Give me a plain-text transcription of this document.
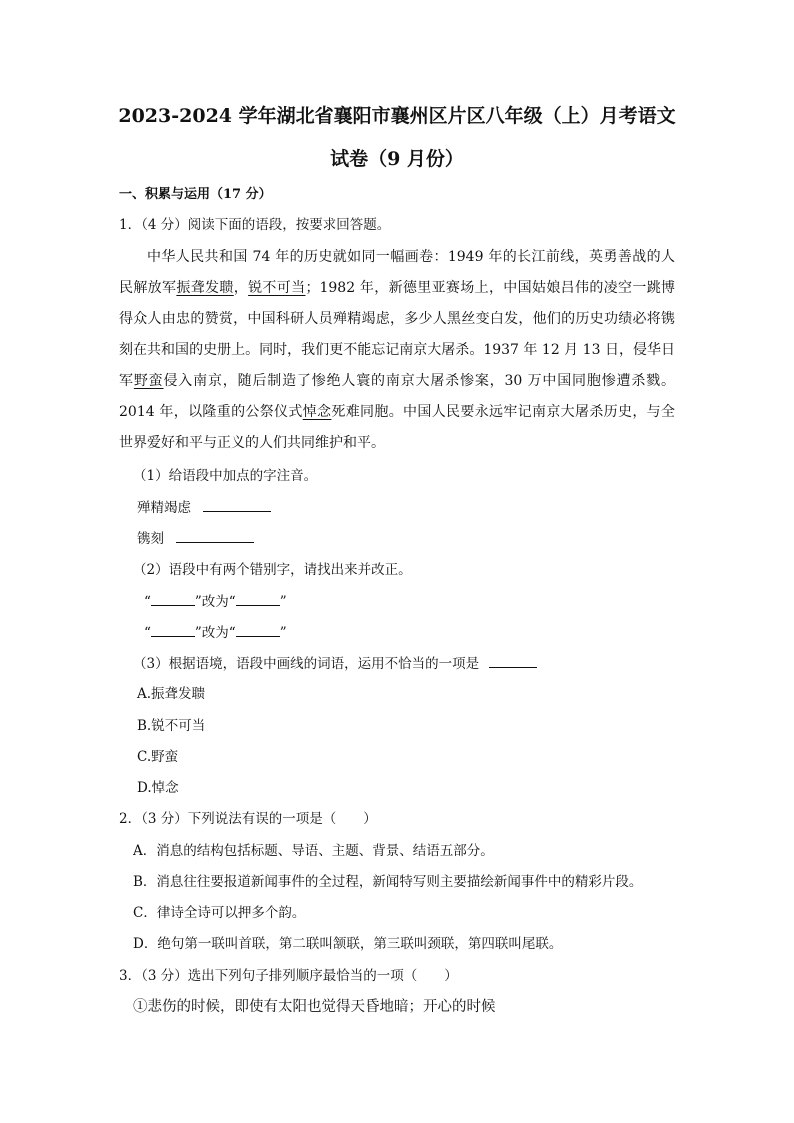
2023-2024 学年湖北省襄阳市襄州区片区八年级（上）月考语文
试卷（9 月份）
一、积累与运用（17 分）
1．（4 分）阅读下面的语段，按要求回答题。
中华人民共和国 74 年的历史就如同一幅画卷：1949 年的长江前线，英勇善战的人民解放军振聋发聩，锐不可当；1982 年，新德里亚赛场上，中国姑娘吕伟的凌空一跳博得众人由忠的赞赏，中国科研人员殚精竭虑，多少人黑丝变白发，他们的历史功绩必将镌刻在共和国的史册上。同时，我们更不能忘记南京大屠杀。1937 年 12 月 13 日，侵华日军野蛮侵入南京，随后制造了惨绝人寰的南京大屠杀惨案，30 万中国同胞惨遭杀戮。2014 年，以隆重的公祭仪式悼念死难同胞。中国人民要永远牢记南京大屠杀历史，与全世界爱好和平与正义的人们共同维护和平。
（1）给语段中加点的字注音。
殚精竭虑
镌刻
（2）语段中有两个错别字，请找出来并改正。
“	”改为“	”
“	”改为“	”
（3）根据语境，语段中画线的词语，运用不恰当的一项是
A.振聋发聩
B.锐不可当
C.野蛮
D.悼念
2．（3 分）下列说法有误的一项是（　　）
A．消息的结构包括标题、导语、主题、背景、结语五部分。
B．消息往往要报道新闻事件的全过程，新闻特写则主要描绘新闻事件中的精彩片段。
C．律诗全诗可以押多个韵。
D．绝句第一联叫首联，第二联叫颔联，第三联叫颈联，第四联叫尾联。
3．（3 分）选出下列句子排列顺序最恰当的一项（　　）
①悲伤的时候，即使有太阳也觉得天昏地暗；开心的时候
